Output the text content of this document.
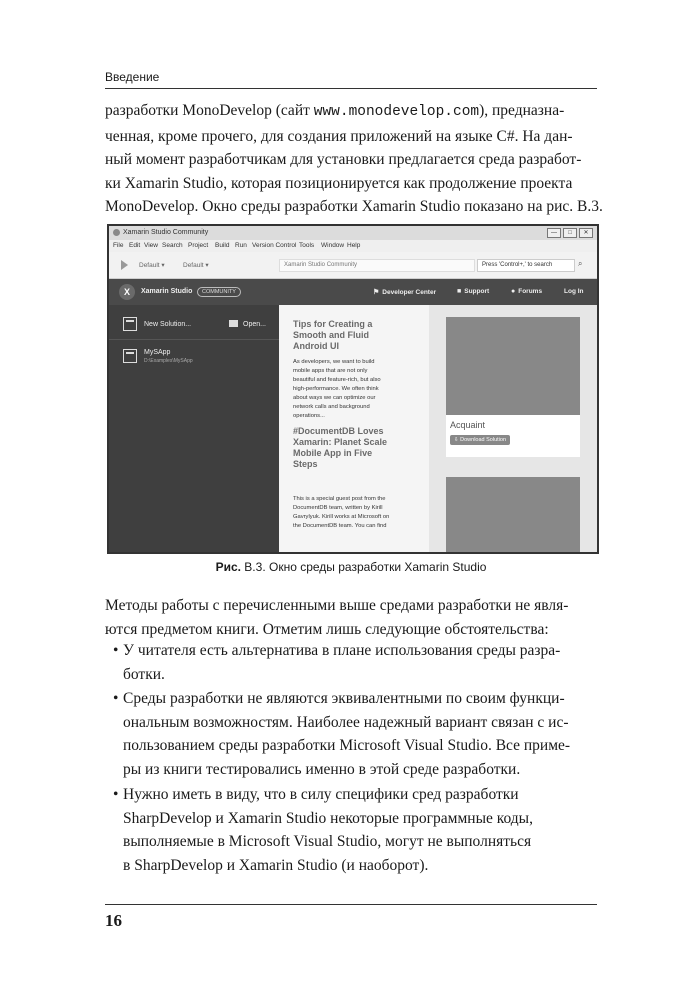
Введение
разработки MonoDevelop (сайт www.monodevelop.com), предназна-
ченная, кроме прочего, для создания приложений на языке C#. На дан-
ный момент разработчикам для установки предлагается среда разработ-
ки Xamarin Studio, которая позиционируется как продолжение проекта
MonoDevelop. Окно среды разработки Xamarin Studio показано на рис. В.3.
Xamarin Studio Community	— □ ✕
File Edit View Search Project Build Run Version Control Tools Window Help
Default ▾	Default ▾	Xamarin Studio Community	Press 'Control+,' to search	⌕
X	Xamarin Studio	COMMUNITY	⚑ Developer Center	■ Support	● Forums	Log In
New Solution...	Open...
MySApp
D:\Examples\MySApp
Tips for Creating a
Smooth and Fluid
Android UI
As developers, we want to build
mobile apps that are not only
beautiful and feature-rich, but also
high-performance. We often think
about ways we can optimize our
network calls and background
operations...
#DocumentDB Loves
Xamarin: Planet Scale
Mobile App in Five
Steps
This is a special guest post from the
DocumentDB team, written by Kirill
Gavrylyuk. Kirill works at Microsoft on
the DocumentDB team. You can find
Acquaint
⇩ Download Solution
Рис. В.3. Окно среды разработки Xamarin Studio
Методы работы с перечисленными выше средами разработки не явля-
ются предметом книги. Отметим лишь следующие обстоятельства:
• У читателя есть альтернатива в плане использования среды разра-
ботки.
• Среды разработки не являются эквивалентными по своим функци-
ональным возможностям. Наиболее надежный вариант связан с ис-
пользованием среды разработки Microsoft Visual Studio. Все приме-
ры из книги тестировались именно в этой среде разработки.
• Нужно иметь в виду, что в силу специфики сред разработки
SharpDevelop и Xamarin Studio некоторые программные коды,
выполняемые в Microsoft Visual Studio, могут не выполняться
в SharpDevelop и Xamarin Studio (и наоборот).
16
